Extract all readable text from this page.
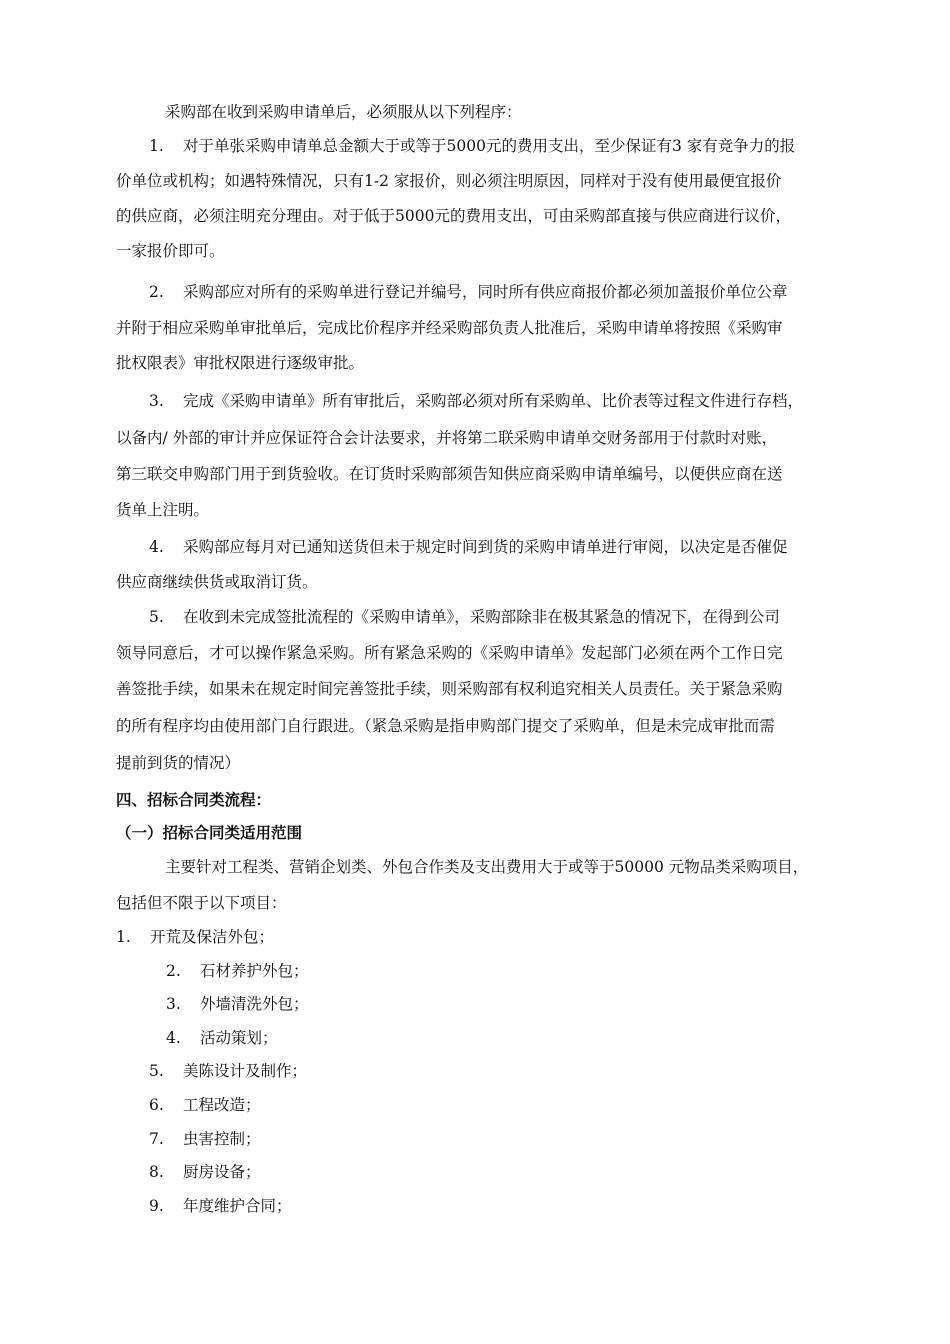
采购部在收到采购申请单后，必须服从以下列程序：
1. 对于单张采购申请单总金额大于或等于5000元的费用支出，至少保证有3 家有竞争力的报
价单位或机构；如遇特殊情况，只有1-2 家报价，则必须注明原因，同样对于没有使用最便宜报价
的供应商，必须注明充分理由。对于低于5000元的费用支出，可由采购部直接与供应商进行议价，
一家报价即可。
2. 采购部应对所有的采购单进行登记并编号，同时所有供应商报价都必须加盖报价单位公章
并附于相应采购单审批单后，完成比价程序并经采购部负责人批准后，采购申请单将按照《采购审
批权限表》审批权限进行逐级审批。
3. 完成《采购申请单》所有审批后，采购部必须对所有采购单、比价表等过程文件进行存档，
以备内/ 外部的审计并应保证符合会计法要求，并将第二联采购申请单交财务部用于付款时对账，
第三联交申购部门用于到货验收。在订货时采购部须告知供应商采购申请单编号，以便供应商在送
货单上注明。
4. 采购部应每月对已通知送货但未于规定时间到货的采购申请单进行审阅，以决定是否催促
供应商继续供货或取消订货。
5. 在收到未完成签批流程的《采购申请单》，采购部除非在极其紧急的情况下，在得到公司
领导同意后，才可以操作紧急采购。所有紧急采购的《采购申请单》发起部门必须在两个工作日完
善签批手续，如果未在规定时间完善签批手续，则采购部有权利追究相关人员责任。关于紧急采购
的所有程序均由使用部门自行跟进。（紧急采购是指申购部门提交了采购单，但是未完成审批而需
提前到货的情况）
四、招标合同类流程：
（一）招标合同类适用范围
主要针对工程类、营销企划类、外包合作类及支出费用大于或等于50000 元物品类采购项目，
包括但不限于以下项目：
1. 开荒及保洁外包；
2. 石材养护外包；
3. 外墙清洗外包；
4. 活动策划；
5. 美陈设计及制作；
6. 工程改造；
7. 虫害控制；
8. 厨房设备；
9. 年度维护合同；
